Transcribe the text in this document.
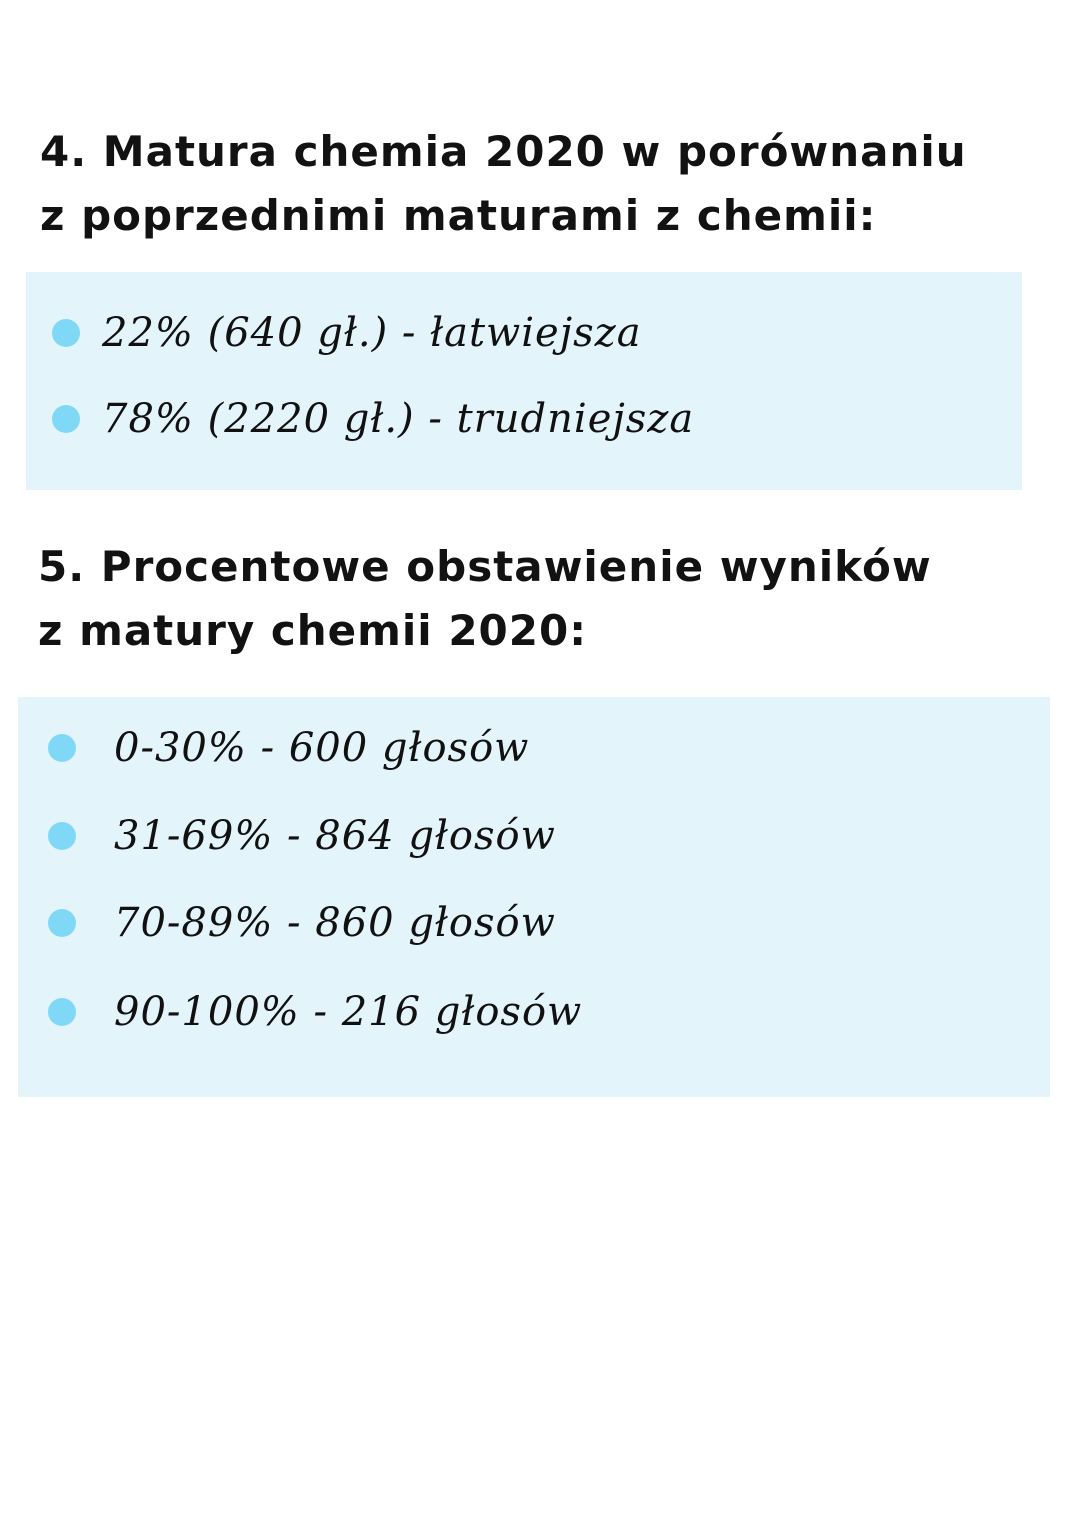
4. Matura chemia 2020 w porównaniu
z poprzednimi maturami z chemii:
22% (640 gł.) - łatwiejsza
78% (2220 gł.) - trudniejsza
5. Procentowe obstawienie wyników
z matury chemii 2020:
0-30% - 600 głosów
31-69% - 864 głosów
70-89% - 860 głosów
90-100% - 216 głosów
